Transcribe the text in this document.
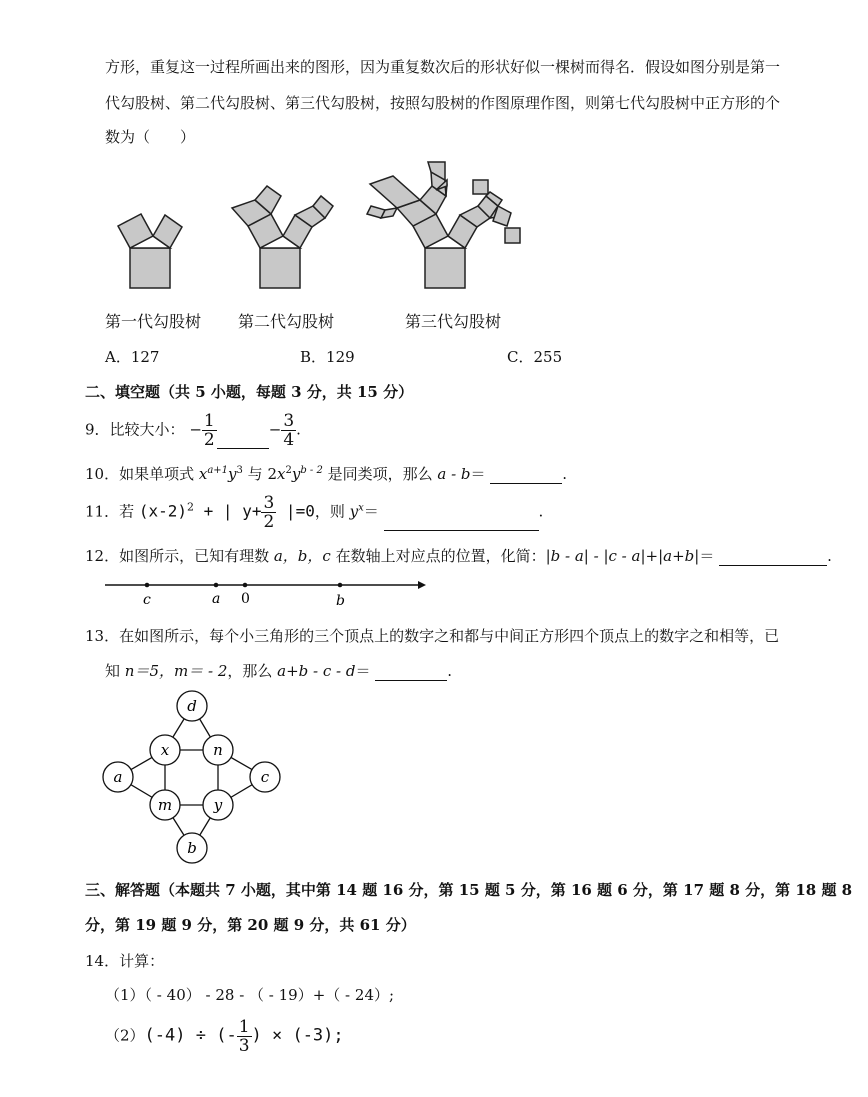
方形，重复这一过程所画出来的图形，因为重复数次后的形状好似一棵树而得名．假设如图分别是第一
代勾股树、第二代勾股树、第三代勾股树，按照勾股树的作图原理作图，则第七代勾股树中正方形的个
数为（　　）
第一代勾股树 第二代勾股树	第三代勾股树
A．127	B．129	C．255
二、填空题（共 5 小题，每题 3 分，共 15 分）
9．比较大小： − $\frac{1}{2}$	− $\frac{3}{4}$ .
10．如果单项式 $x^{a+1}y^3$ 与 $2x^2y^{b - 2}$ 是同类项，那么 a - b＝	.
11．若 $(x-2)^2$ + | $y+ \frac{3}{2} |=0$，则 $y^x=$	.
12．如图所示，已知有理数 a，b，c 在数轴上对应点的位置，化简：|b - a| - |c - a|+|a+b|＝	.
c	a 0	b
13．在如图所示，每个小三角形的三个顶点上的数字之和都与中间正方形四个顶点上的数字之和相等，已
知 n＝5，m＝ - 2，那么 a+b - c - d＝	.
d
x	n
a	c
m	y
b
三、解答题（本题共 7 小题，其中第 14 题 16 分，第 15 题 5 分，第 16 题 6 分，第 17 题 8 分，第 18 题 8
分，第 19 题 9 分，第 20 题 9 分，共 61 分）
14．计算：
（1）（ - 40） - 28 - （ - 19）+（ - 24）;
（2）(-4) ÷ (- $\frac{1}{3}$ ) × (-3);
